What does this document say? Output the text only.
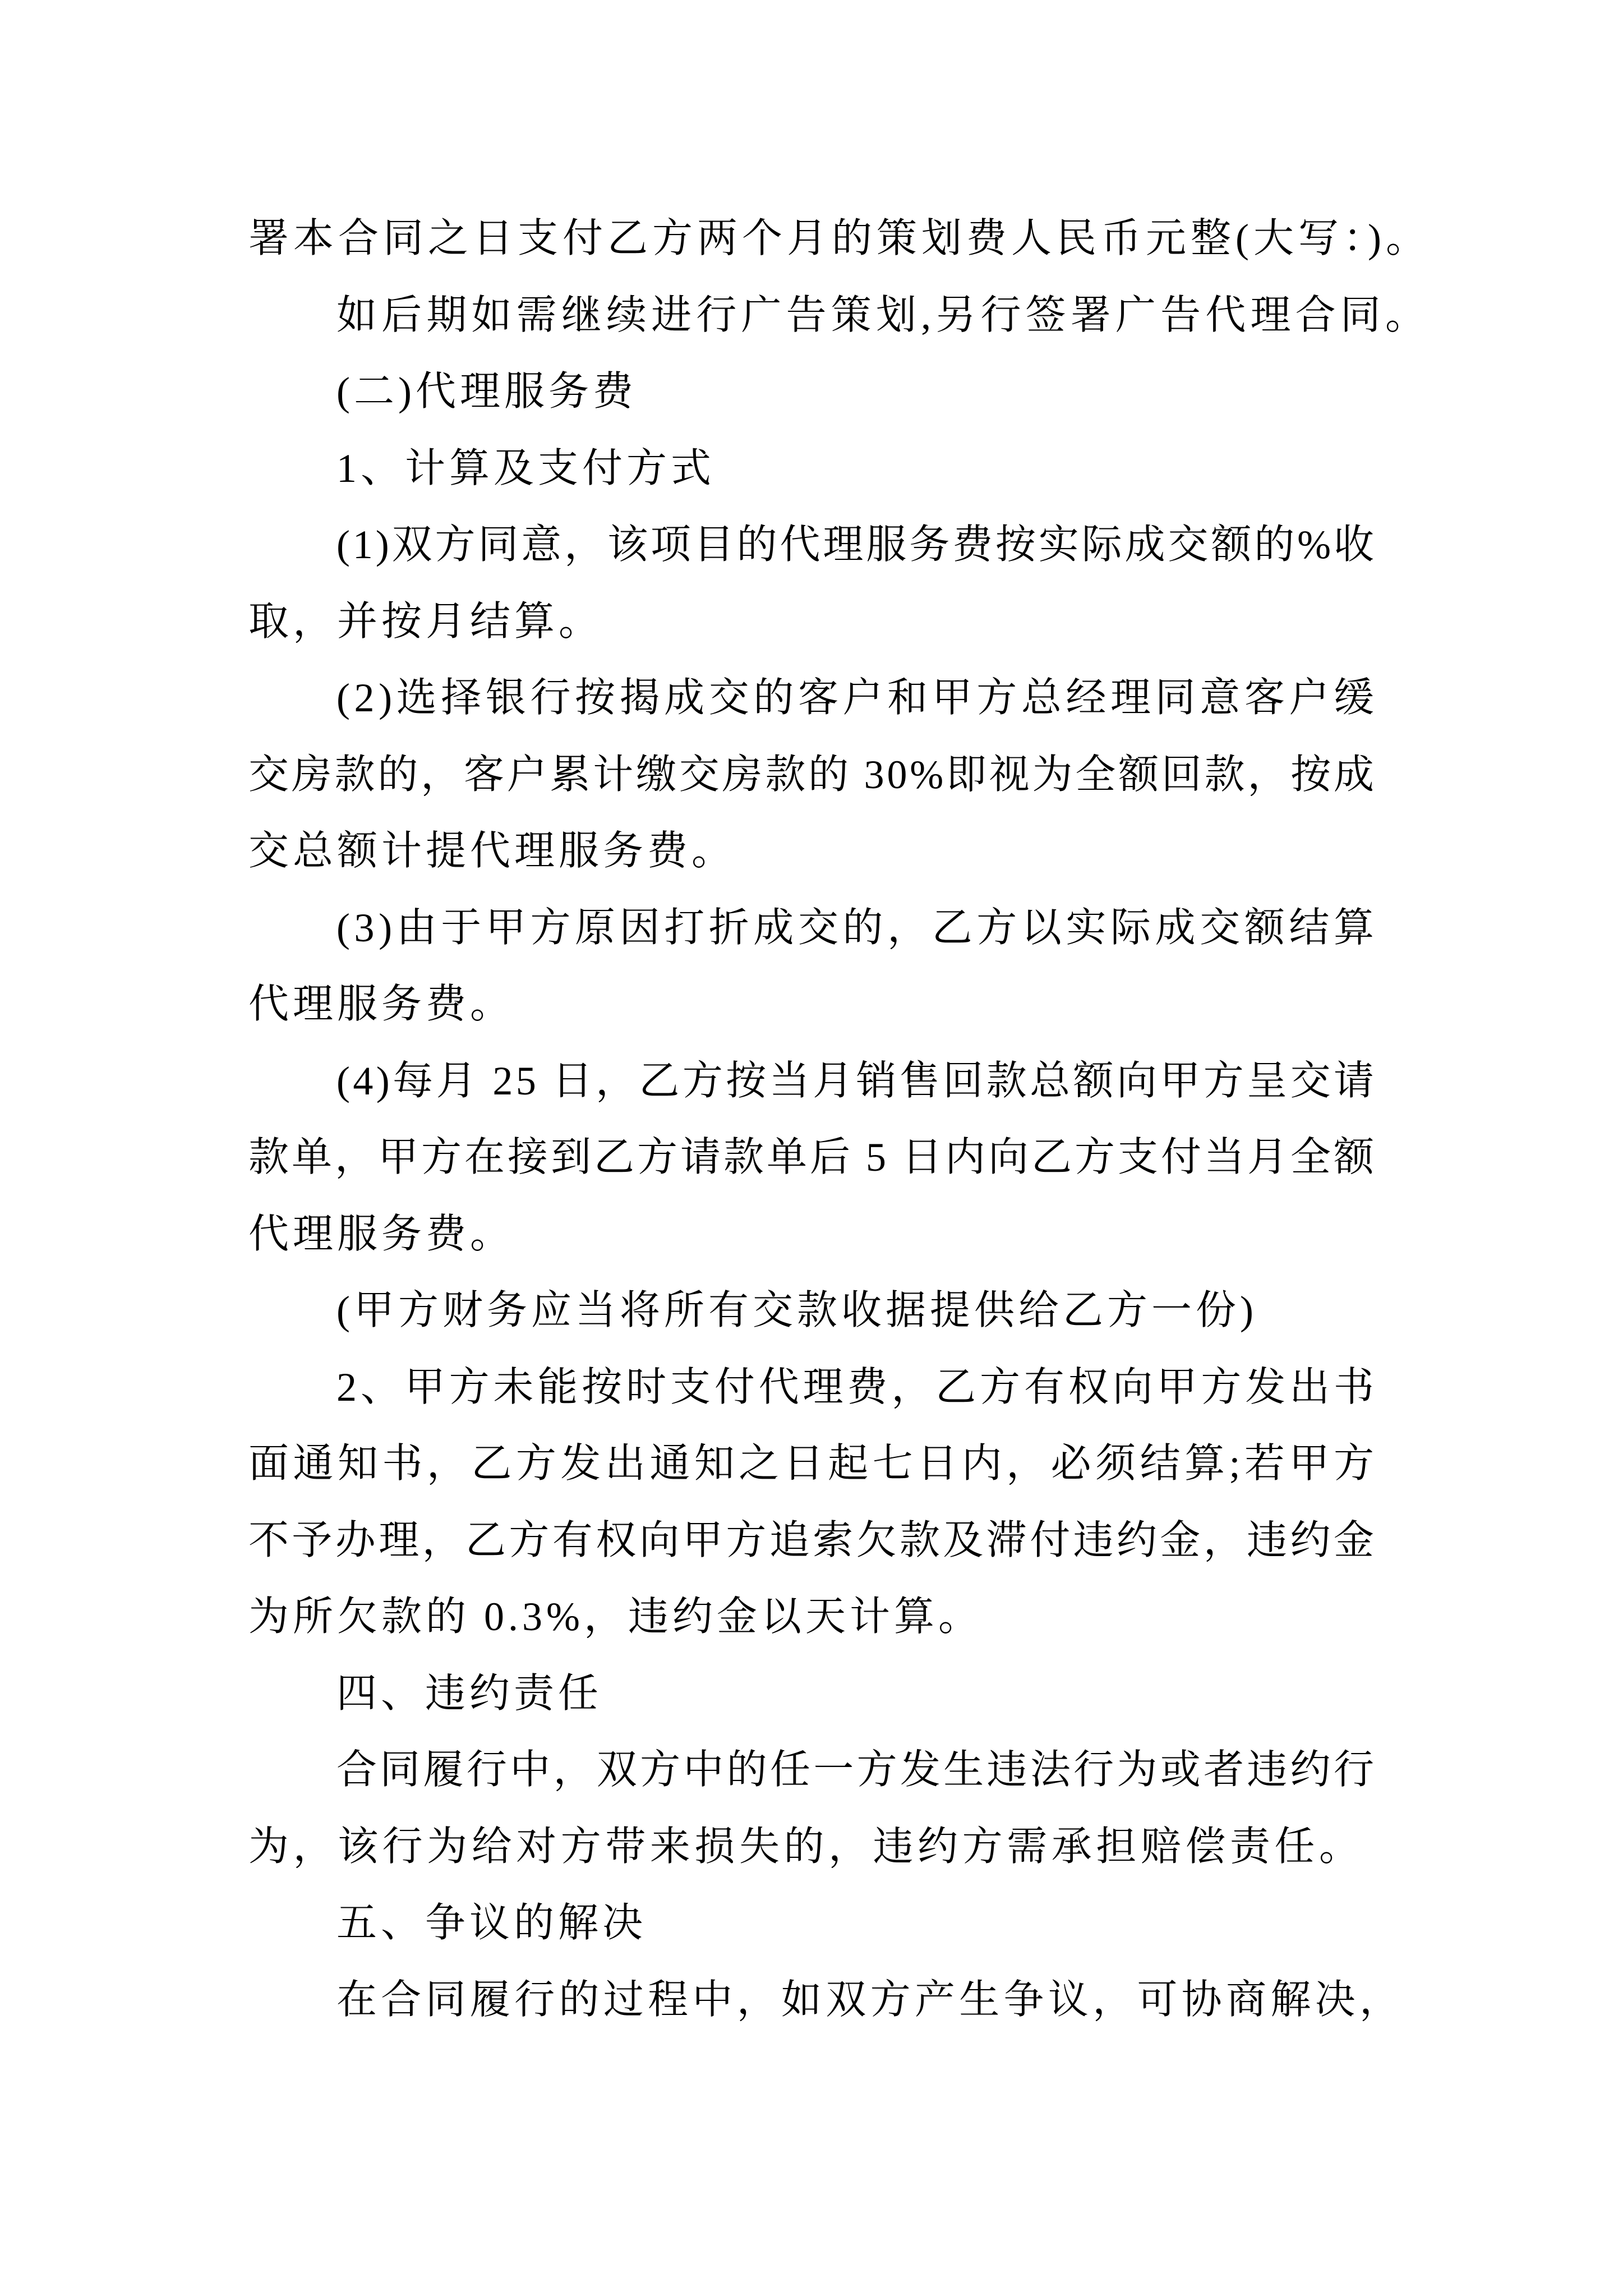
署本合同之日支付乙方两个月的策划费人民币元整(大写：)。
如后期如需继续进行广告策划,另行签署广告代理合同。
(二)代理服务费
1、计算及支付方式
(1)双方同意，该项目的代理服务费按实际成交额的%收
取，并按月结算。
(2)选择银行按揭成交的客户和甲方总经理同意客户缓
交房款的，客户累计缴交房款的 30%即视为全额回款，按成
交总额计提代理服务费。
(3)由于甲方原因打折成交的，乙方以实际成交额结算
代理服务费。
(4)每月 25 日，乙方按当月销售回款总额向甲方呈交请
款单，甲方在接到乙方请款单后 5 日内向乙方支付当月全额
代理服务费。
(甲方财务应当将所有交款收据提供给乙方一份)
2、甲方未能按时支付代理费，乙方有权向甲方发出书
面通知书，乙方发出通知之日起七日内，必须结算;若甲方
不予办理，乙方有权向甲方追索欠款及滞付违约金，违约金
为所欠款的 0.3%，违约金以天计算。
四、违约责任
合同履行中，双方中的任一方发生违法行为或者违约行
为，该行为给对方带来损失的，违约方需承担赔偿责任。
五、争议的解决
在合同履行的过程中，如双方产生争议，可协商解决，
